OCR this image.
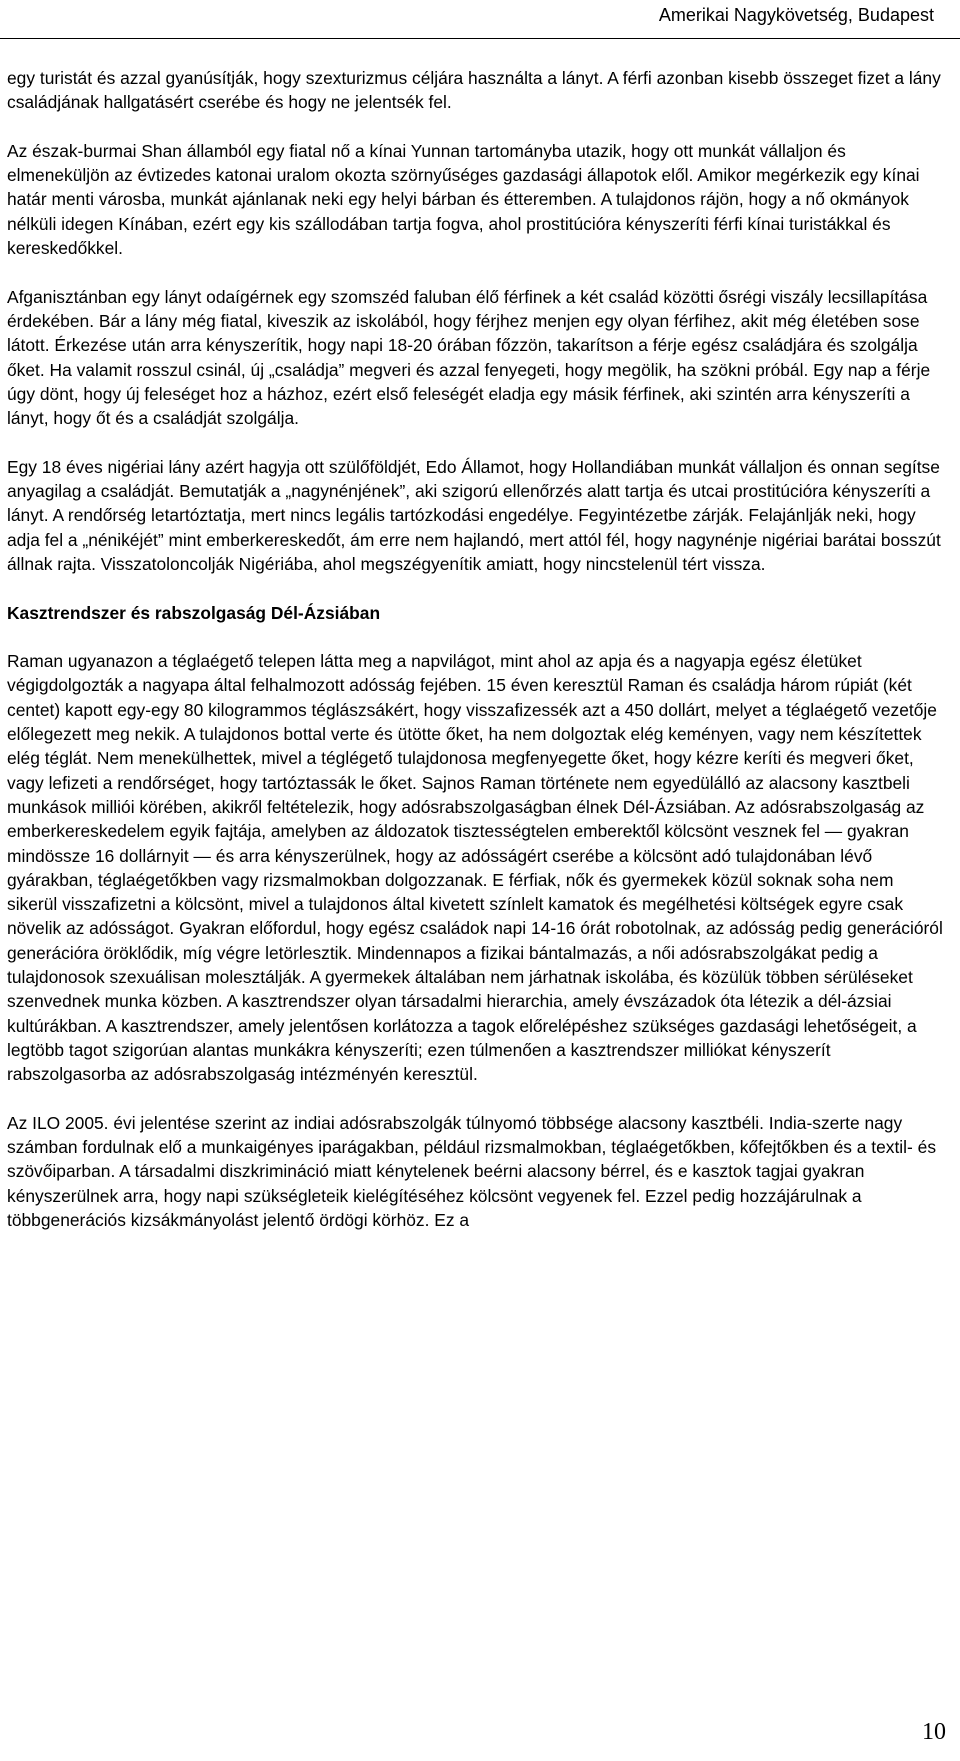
Amerikai Nagykövetség, Budapest

egy turistát és azzal gyanúsítják, hogy szexturizmus céljára használta a lányt. A férfi azonban kisebb összeget fizet a lány családjának hallgatásért cserébe és hogy ne jelentsék fel.

Az észak-burmai Shan államból egy fiatal nő a kínai Yunnan tartományba utazik, hogy ott munkát vállaljon és elmeneküljön az évtizedes katonai uralom okozta szörnyűséges gazdasági állapotok elől. Amikor megérkezik egy kínai határ menti városba, munkát ajánlanak neki egy helyi bárban és étteremben. A tulajdonos rájön, hogy a nő okmányok nélküli idegen Kínában, ezért egy kis szállodában tartja fogva, ahol prostitúcióra kényszeríti férfi kínai turistákkal és kereskedőkkel.

Afganisztánban egy lányt odaígérnek egy szomszéd faluban élő férfinek a két család közötti ősrégi viszály lecsillapítása érdekében. Bár a lány még fiatal, kiveszik az iskolából, hogy férjhez menjen egy olyan férfihez, akit még életében sose látott. Érkezése után arra kényszerítik, hogy napi 18-20 órában főzzön, takarítson a férje egész családjára és szolgálja őket. Ha valamit rosszul csinál, új „családja” megveri és azzal fenyegeti, hogy megölik, ha szökni próbál. Egy nap a férje úgy dönt, hogy új feleséget hoz a házhoz, ezért első feleségét eladja egy másik férfinek, aki szintén arra kényszeríti a lányt, hogy őt és a családját szolgálja.

Egy 18 éves nigériai lány azért hagyja ott szülőföldjét, Edo Államot, hogy Hollandiában munkát vállaljon és onnan segítse anyagilag a családját. Bemutatják a „nagynénjének”, aki szigorú ellenőrzés alatt tartja és utcai prostitúcióra kényszeríti a lányt. A rendőrség letartóztatja, mert nincs legális tartózkodási engedélye. Fegyintézetbe zárják. Felajánlják neki, hogy adja fel a „nénikéjét” mint emberkereskedőt, ám erre nem hajlandó, mert attól fél, hogy nagynénje nigériai barátai bosszút állnak rajta. Visszatoloncolják Nigériába, ahol megszégyenítik amiatt, hogy nincstelenül tért vissza.

Kasztrendszer és rabszolgaság Dél-Ázsiában

Raman ugyanazon a téglaégető telepen látta meg a napvilágot, mint ahol az apja és a nagyapja egész életüket végigdolgozták a nagyapa által felhalmozott adósság fejében. 15 éven keresztül Raman és családja három rúpiát (két centet) kapott egy-egy 80 kilogrammos téglászsákért, hogy visszafizessék azt a 450 dollárt, melyet a téglaégető vezetője előlegezett meg nekik. A tulajdonos bottal verte és ütötte őket, ha nem dolgoztak elég keményen, vagy nem készítettek elég téglát. Nem menekülhettek, mivel a téglégető tulajdonosa megfenyegette őket, hogy kézre keríti és megveri őket, vagy lefizeti a rendőrséget, hogy tartóztassák le őket. Sajnos Raman története nem egyedülálló az alacsony kasztbeli munkások milliói körében, akikről feltételezik, hogy adósrabszolgaságban élnek Dél-Ázsiában. Az adósrabszolgaság az emberkereskedelem egyik fajtája, amelyben az áldozatok tisztességtelen emberektől kölcsönt vesznek fel — gyakran mindössze 16 dollárnyit — és arra kényszerülnek, hogy az adósságért cserébe a kölcsönt adó tulajdonában lévő gyárakban, téglaégetőkben vagy rizsmalmokban dolgozzanak. E férfiak, nők és gyermekek közül soknak soha nem sikerül visszafizetni a kölcsönt, mivel a tulajdonos által kivetett színlelt kamatok és megélhetési költségek egyre csak növelik az adósságot. Gyakran előfordul, hogy egész családok napi 14-16 órát robotolnak, az adósság pedig generációról generációra öröklődik, míg végre letörlesztik. Mindennapos a fizikai bántalmazás, a női adósrabszolgákat pedig a tulajdonosok szexuálisan molesztálják. A gyermekek általában nem járhatnak iskolába, és közülük többen sérüléseket szenvednek munka közben. A kasztrendszer olyan társadalmi hierarchia, amely évszázadok óta létezik a dél-ázsiai kultúrákban. A kasztrendszer, amely jelentősen korlátozza a tagok előrelépéshez szükséges gazdasági lehetőségeit, a legtöbb tagot szigorúan alantas munkákra kényszeríti; ezen túlmenően a kasztrendszer milliókat kényszerít rabszolgasorba az adósrabszolgaság intézményén keresztül.

Az ILO 2005. évi jelentése szerint az indiai adósrabszolgák túlnyomó többsége alacsony kasztbéli. India-szerte nagy számban fordulnak elő a munkaigényes iparágakban, például rizsmalmokban, téglaégetőkben, kőfejtőkben és a textil- és szövőiparban. A társadalmi diszkrimináció miatt kénytelenek beérni alacsony bérrel, és e kasztok tagjai gyakran kényszerülnek arra, hogy napi szükségleteik kielégítéséhez kölcsönt vegyenek fel. Ezzel pedig hozzájárulnak a többgenerációs kizsákmányolást jelentő ördögi körhöz. Ez a

10
